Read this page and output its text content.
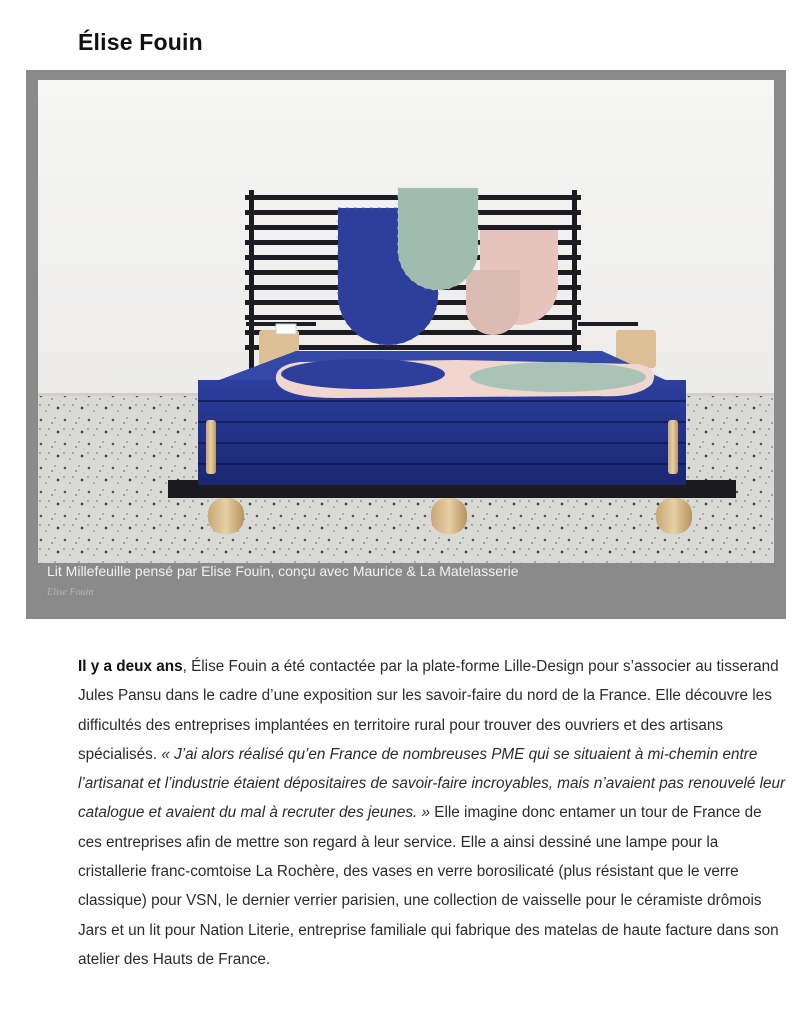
Élise Fouin
Lit Millefeuille pensé par Elise Fouin, conçu avec Maurice & La Matelasserie
Elise Fouin

Il y a deux ans, Élise Fouin a été contactée par la plate-forme Lille-Design pour s’associer au tisserand Jules Pansu dans le cadre d’une exposition sur les savoir-faire du nord de la France. Elle découvre les difficultés des entreprises implantées en territoire rural pour trouver des ouvriers et des artisans spécialisés. « J’ai alors réalisé qu’en France de nombreuses PME qui se situaient à mi-chemin entre l’artisanat et l’industrie étaient dépositaires de savoir-faire incroyables, mais n’avaient pas renouvelé leur catalogue et avaient du mal à recruter des jeunes. » Elle imagine donc entamer un tour de France de ces entreprises afin de mettre son regard à leur service. Elle a ainsi dessiné une lampe pour la cristallerie franc-comtoise La Rochère, des vases en verre borosilicaté (plus résistant que le verre classique) pour VSN, le dernier verrier parisien, une collection de vaisselle pour le céramiste drômois Jars et un lit pour Nation Literie, entreprise familiale qui fabrique des matelas de haute facture dans son atelier des Hauts de France.
